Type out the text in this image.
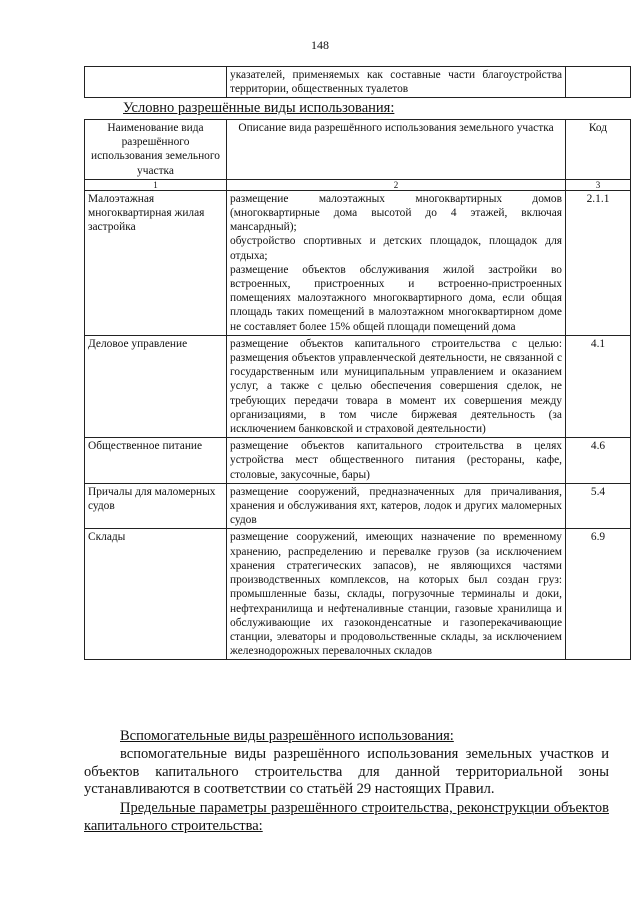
148
	указателей, применяемых как составные части благоустройства территории, общественных туалетов	
Условно разрешённые виды использования:
Наименование вида разрешённого использования земельного участка	Описание вида разрешённого использования земельного участка	Код
1	2	3
Малоэтажная многоквартирная жилая застройка	размещение малоэтажных многоквартирных домов (многоквартирные дома высотой до 4 этажей, включая мансардный);

обустройство спортивных и детских площадок, площадок для отдыха;

размещение объектов обслуживания жилой застройки во встроенных, пристроенных и встроенно-пристроенных помещениях малоэтажного многоквартирного дома, если общая площадь таких помещений в малоэтажном многоквартирном доме не составляет более 15% общей площади помещений дома	2.1.1
Деловое управление	размещение объектов капитального строительства с целью: размещения объектов управленческой деятельности, не связанной с государственным или муниципальным управлением и оказанием услуг, а также с целью обеспечения совершения сделок, не требующих передачи товара в момент их совершения между организациями, в том числе биржевая деятельность (за исключением банковской и страховой деятельности)	4.1
Общественное питание	размещение объектов капитального строительства в целях устройства мест общественного питания (рестораны, кафе, столовые, закусочные, бары)	4.6
Причалы для маломерных судов	размещение сооружений, предназначенных для причаливания, хранения и обслуживания яхт, катеров, лодок и других маломерных судов	5.4
Склады	размещение сооружений, имеющих назначение по временному хранению, распределению и перевалке грузов (за исключением хранения стратегических запасов), не являющихся частями производственных комплексов, на которых был создан груз: промышленные базы, склады, погрузочные терминалы и доки, нефтехранилища и нефтеналивные станции, газовые хранилища и обслуживающие их газоконденсатные и газоперекачивающие станции, элеваторы и продовольственные склады, за исключением железнодорожных перевалочных складов	6.9
Вспомогательные виды разрешённого использования:
вспомогательные виды разрешённого использования земельных участков и объектов капитального строительства для данной территориальной зоны устанавливаются в соответствии со статьёй 29 настоящих Правил.
Предельные параметры разрешённого строительства, реконструкции объектов капитального строительства:
